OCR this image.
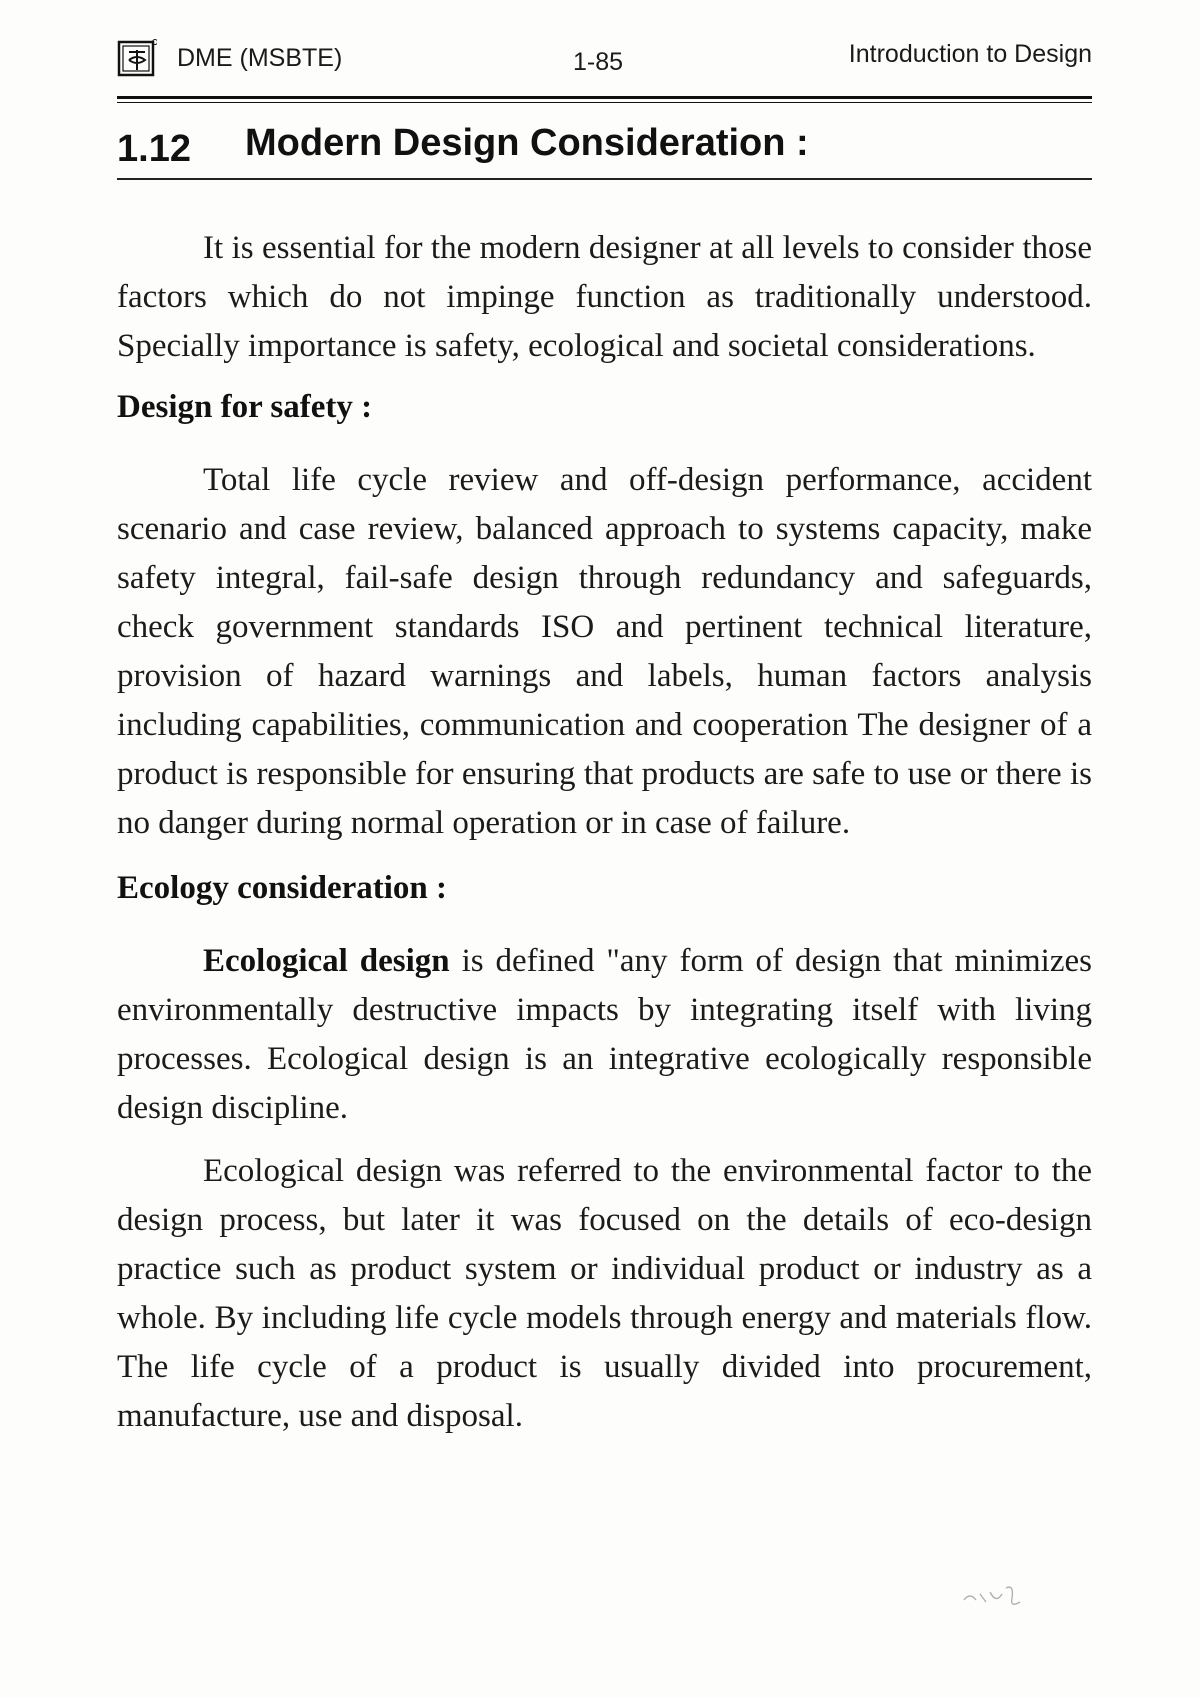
DME (MSBTE)	1-85	Introduction to Design
1.12 Modern Design Consideration :

It is essential for the modern designer at all levels to consider those factors which do not impinge function as traditionally understood. Specially importance is safety, ecological and societal considerations.

Design for safety :

Total life cycle review and off-design performance, accident scenario and case review, balanced approach to systems capacity, make safety integral, fail-safe design through redundancy and safeguards, check government standards ISO and pertinent technical literature, provision of hazard warnings and labels, human factors analysis including capabilities, communication and cooperation The designer of a product is responsible for ensuring that products are safe to use or there is no danger during normal operation or in case of failure.

Ecology consideration :

Ecological design is defined "any form of design that minimizes environmentally destructive impacts by integrating itself with living processes. Ecological design is an integrative ecologically responsible design discipline.

Ecological design was referred to the environmental factor to the design process, but later it was focused on the details of eco-design practice such as product system or individual product or industry as a whole. By including life cycle models through energy and materials flow. The life cycle of a product is usually divided into procurement, manufacture, use and disposal.
